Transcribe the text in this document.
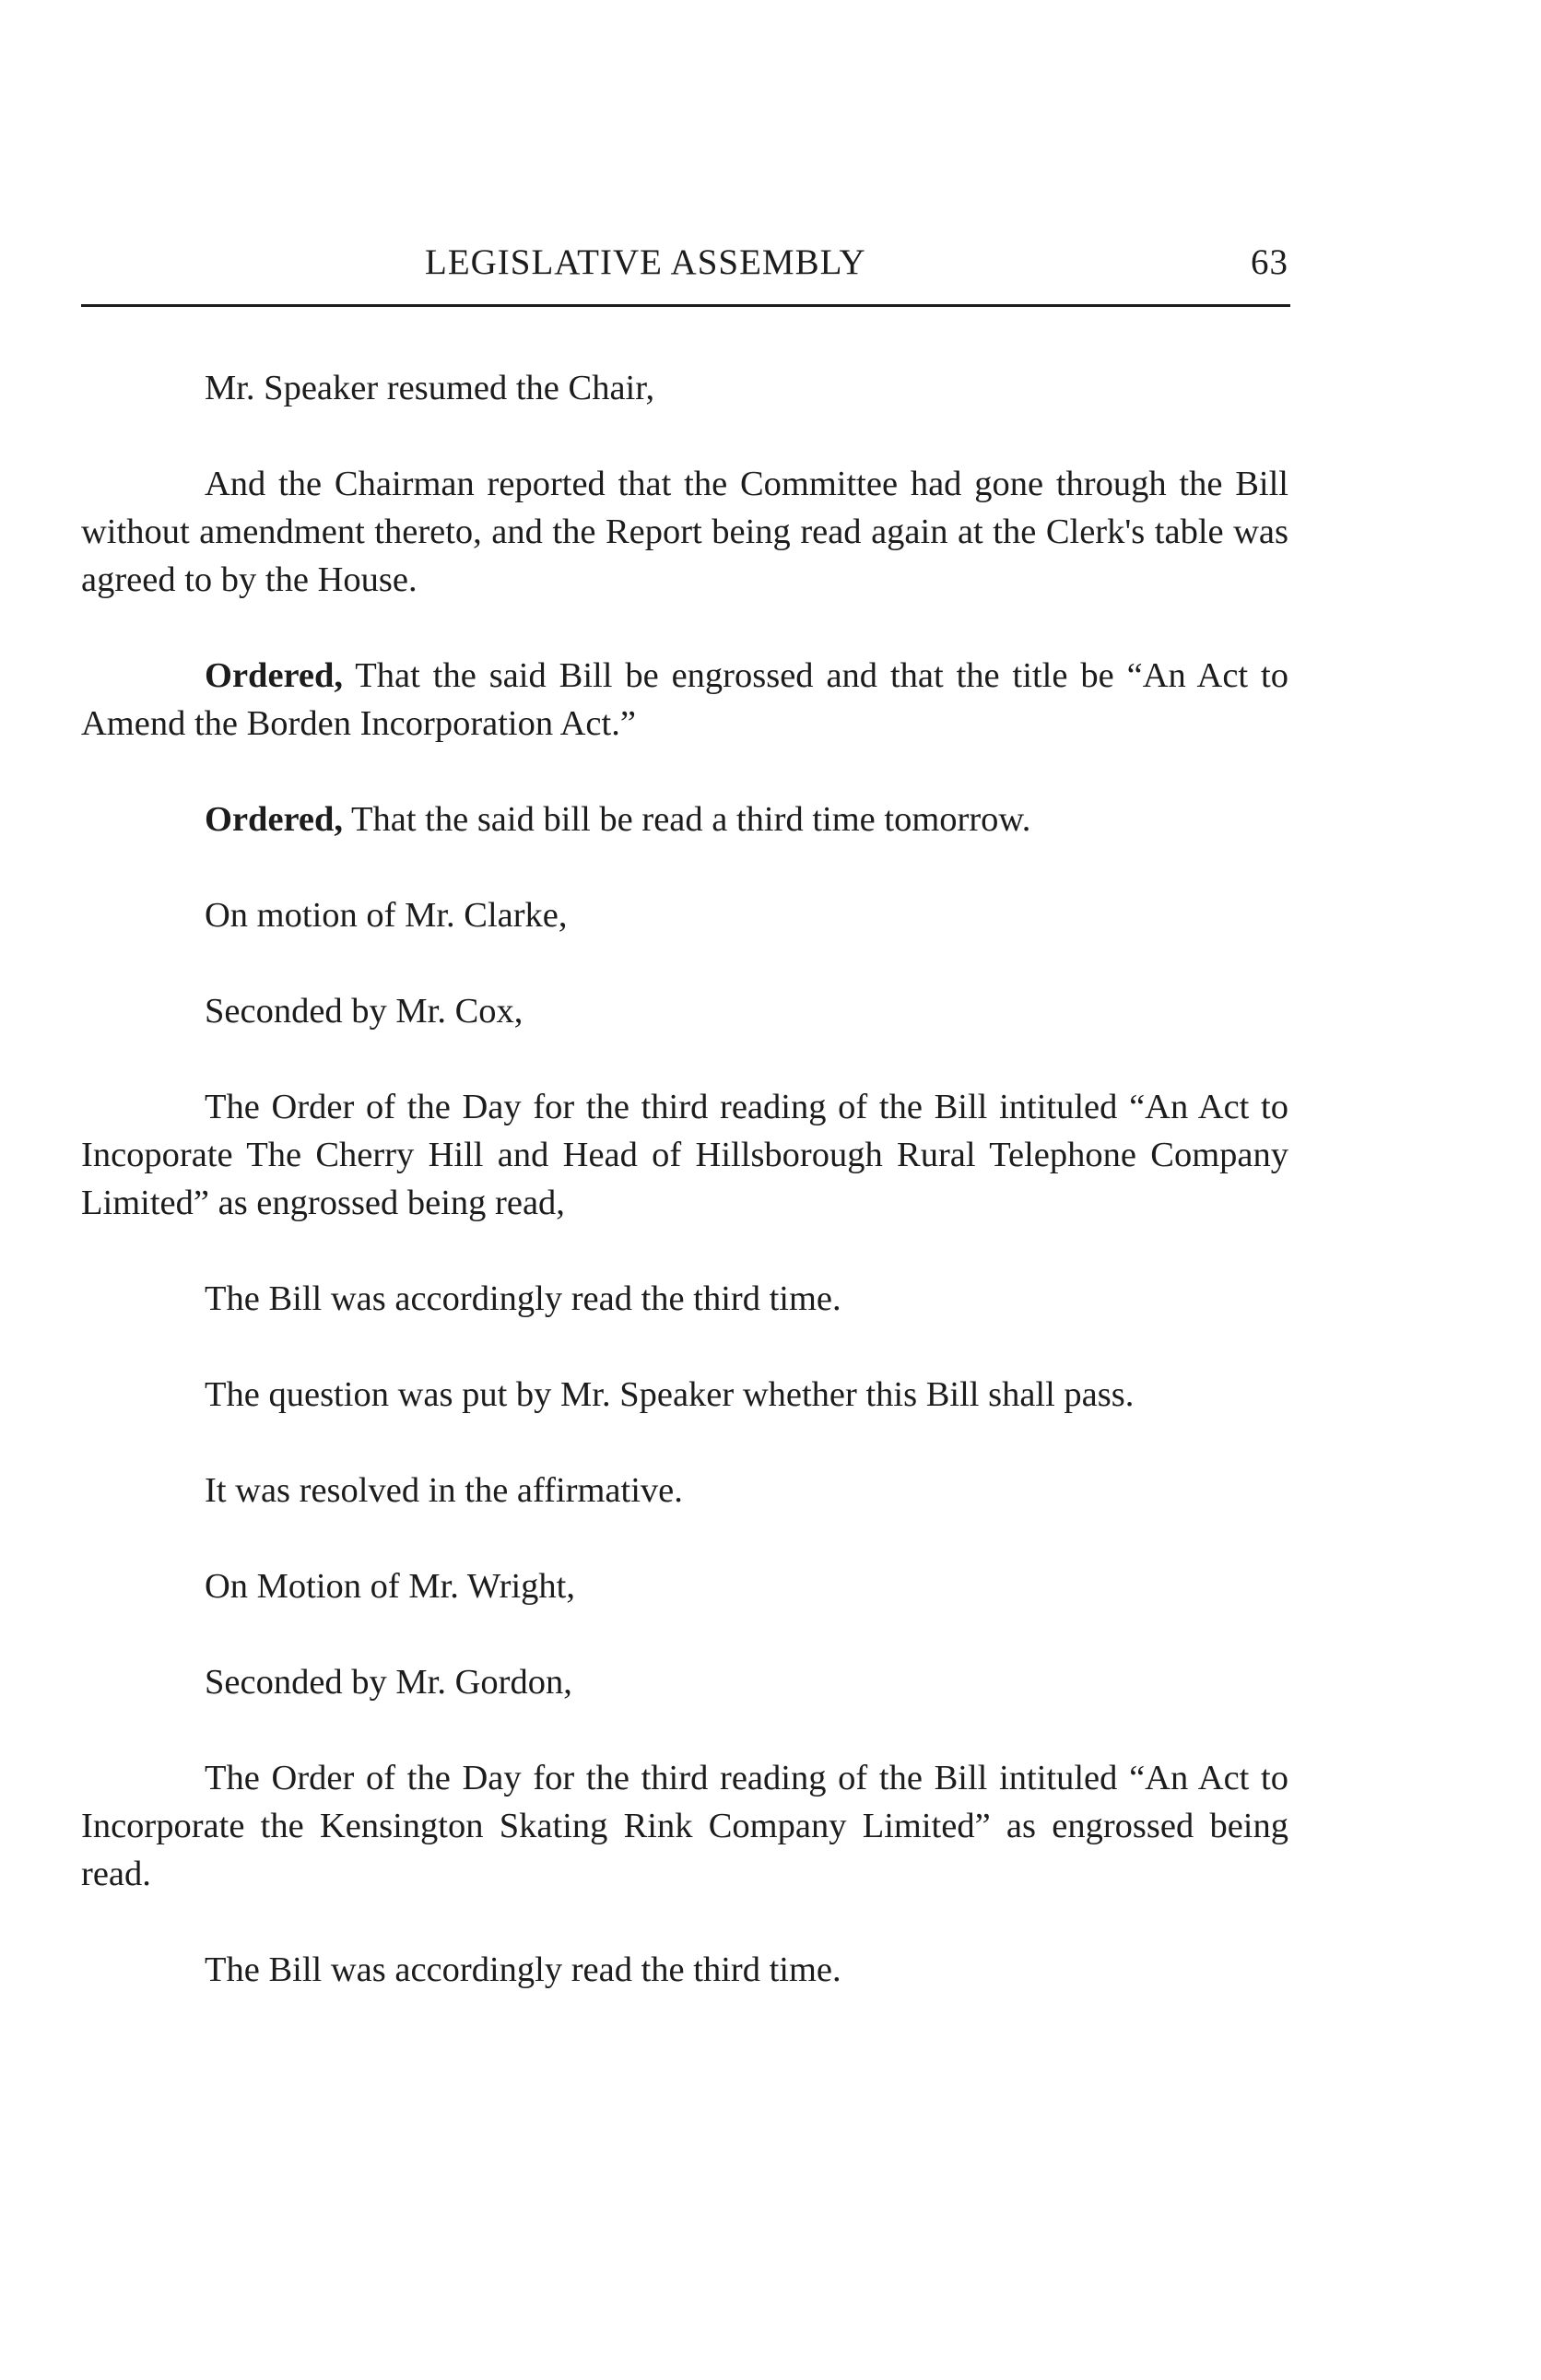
LEGISLATIVE ASSEMBLY	63

Mr. Speaker resumed the Chair,

And the Chairman reported that the Committee had gone through the Bill without amendment thereto, and the Report being read again at the Clerk's table was agreed to by the House.

Ordered, That the said Bill be engrossed and that the title be “An Act to Amend the Borden Incorporation Act.”

Ordered, That the said bill be read a third time tomorrow.

On motion of Mr. Clarke,

Seconded by Mr. Cox,

The Order of the Day for the third reading of the Bill intituled “An Act to Incoporate The Cherry Hill and Head of Hillsborough Rural Telephone Company Limited” as engrossed being read,

The Bill was accordingly read the third time.

The question was put by Mr. Speaker whether this Bill shall pass.

It was resolved in the affirmative.

On Motion of Mr. Wright,

Seconded by Mr. Gordon,

The Order of the Day for the third reading of the Bill intituled “An Act to Incorporate the Kensington Skating Rink Company Limited” as engrossed being read.

The Bill was accordingly read the third time.
